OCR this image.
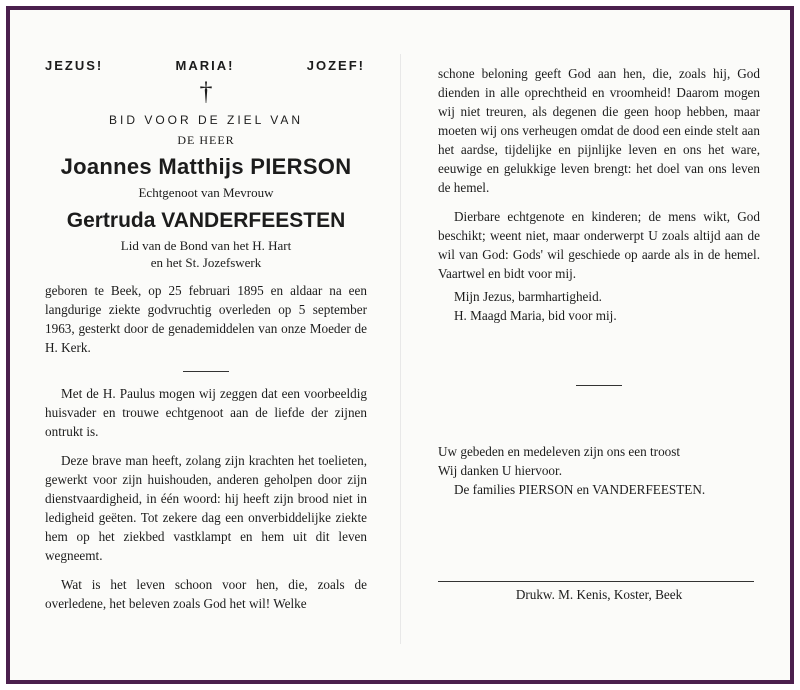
JEZUS!	MARIA!	JOZEF!
†
BID VOOR DE ZIEL VAN
DE HEER
Joannes Matthijs PIERSON
Echtgenoot van Mevrouw
Gertruda VANDERFEESTEN
Lid van de Bond van het H. Hart
en het St. Jozefswerk

geboren te Beek, op 25 februari 1895 en aldaar na een langdurige ziekte godvruchtig overleden op 5 september 1963, gesterkt door de genademiddelen van onze Moeder de H. Kerk.

Met de H. Paulus mogen wij zeggen dat een voorbeeldig huisvader en trouwe echtgenoot aan de liefde der zijnen ontrukt is.

Deze brave man heeft, zolang zijn krachten het toelieten, gewerkt voor zijn huishouden, anderen geholpen door zijn dienstvaardigheid, in één woord: hij heeft zijn brood niet in ledigheid geëten. Tot zekere dag een onverbiddelijke ziekte hem op het ziekbed vastklampt en hem uit dit leven wegneemt.

Wat is het leven schoon voor hen, die, zoals de overledene, het beleven zoals God het wil! Welke

schone beloning geeft God aan hen, die, zoals hij, God dienden in alle oprechtheid en vroomheid! Daarom mogen wij niet treuren, als degenen die geen hoop hebben, maar moeten wij ons verheugen omdat de dood een einde stelt aan het aardse, tijdelijke en pijnlijke leven en ons het ware, eeuwige en gelukkige leven brengt: het doel van ons leven de hemel.

Dierbare echtgenote en kinderen; de mens wikt, God beschikt; weent niet, maar onderwerpt U zoals altijd aan de wil van God: Gods' wil geschiede op aarde als in de hemel. Vaartwel en bidt voor mij.

Mijn Jezus, barmhartigheid.

H. Maagd Maria, bid voor mij.

Uw gebeden en medeleven zijn ons een troost

Wij danken U hiervoor.

De families PIERSON en VANDERFEESTEN.

Drukw. M. Kenis, Koster, Beek
